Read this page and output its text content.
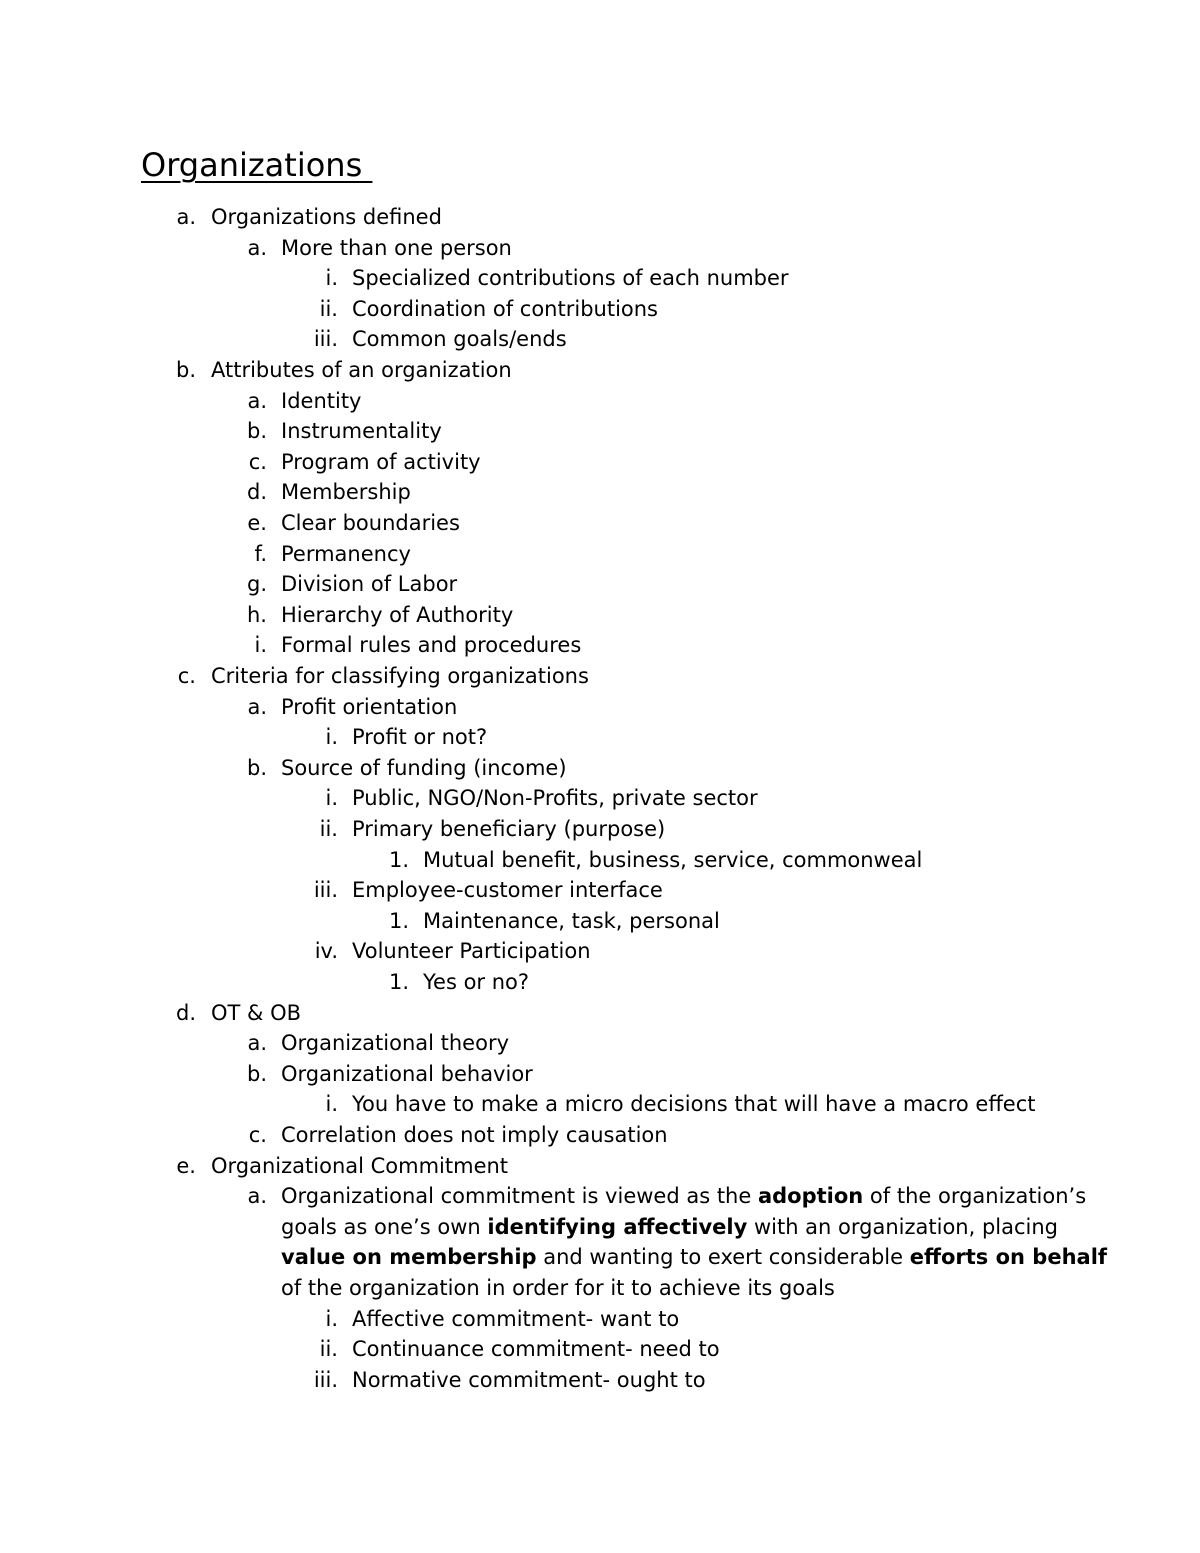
Organizations
a. Organizations defined
a. More than one person
i. Specialized contributions of each number
ii. Coordination of contributions
iii. Common goals/ends
b. Attributes of an organization
a. Identity
b. Instrumentality
c. Program of activity
d. Membership
e. Clear boundaries
f. Permanency
g. Division of Labor
h. Hierarchy of Authority
i. Formal rules and procedures
c. Criteria for classifying organizations
a. Profit orientation
i. Profit or not?
b. Source of funding (income)
i. Public, NGO/Non-Profits, private sector
ii. Primary beneficiary (purpose)
1. Mutual benefit, business, service, commonweal
iii. Employee-customer interface
1. Maintenance, task, personal
iv. Volunteer Participation
1. Yes or no?
d. OT & OB
a. Organizational theory
b. Organizational behavior
i. You have to make a micro decisions that will have a macro effect
c. Correlation does not imply causation
e. Organizational Commitment
a. Organizational commitment is viewed as the adoption of the organization’s
goals as one’s own identifying affectively with an organization, placing
value on membership and wanting to exert considerable efforts on behalf
of the organization in order for it to achieve its goals
i. Affective commitment- want to
ii. Continuance commitment- need to
iii. Normative commitment- ought to
